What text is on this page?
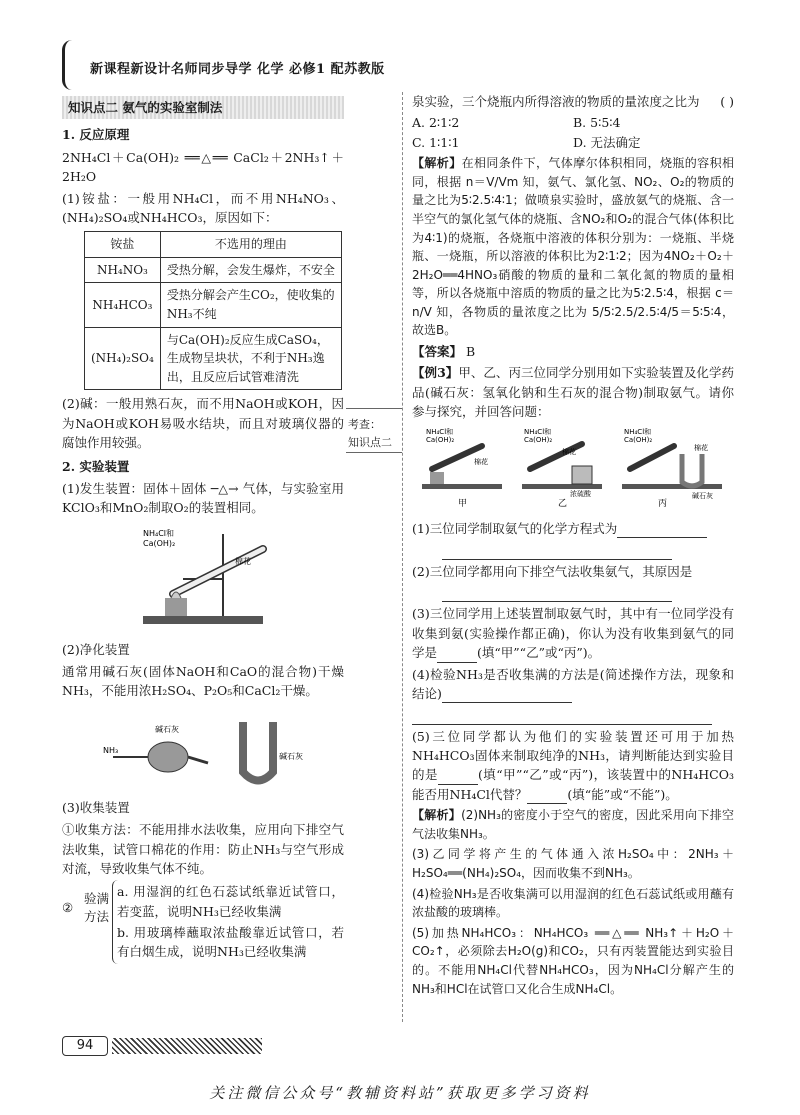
新课程新设计名师同步导学 化学 必修1 配苏教版
知识点二 氨气的实验室制法
1. 反应原理

2NH₄Cl＋Ca(OH)₂ ══△══ CaCl₂＋2NH₃↑＋2H₂O

(1)铵盐：一般用NH₄Cl，而不用NH₄NO₃、(NH₄)₂SO₄或NH₄HCO₃，原因如下：

铵盐	不选用的理由
NH₄NO₃	受热分解，会发生爆炸，不安全
NH₄HCO₃	受热分解会产生CO₂，使收集的NH₃不纯
(NH₄)₂SO₄	与Ca(OH)₂反应生成CaSO₄，生成物呈块状，不利于NH₃逸出，且反应后试管难清洗

(2)碱：一般用熟石灰，而不用NaOH或KOH，因为NaOH或KOH易吸水结块，而且对玻璃仪器的腐蚀作用较强。

2. 实验装置

(1)发生装置：固体＋固体 ─△→ 气体，与实验室用KClO₃和MnO₂制取O₂的装置相同。

NH₄Cl和
Ca(OH)₂
棉花
(2)净化装置

通常用碱石灰(固体NaOH和CaO的混合物)干燥NH₃，不能用浓H₂SO₄、P₂O₅和CaCl₂干燥。

碱石灰
NH₃
碱石灰
(3)收集装置

①收集方法：不能用排水法收集，应用向下排空气法收集，试管口棉花的作用：防止NH₃与空气形成对流，导致收集气体不纯。

②
验满方法

a. 用湿润的红色石蕊试纸靠近试管口，若变蓝，说明NH₃已经收集满

b. 用玻璃棒蘸取浓盐酸靠近试管口，若有白烟生成，说明NH₃已经收集满

考查：
知识点二

泉实验，三个烧瓶内所得溶液的物质的量浓度之比为 ( )

A. 2∶1∶2	B. 5∶5∶4
C. 1∶1∶1	D. 无法确定

【解析】在相同条件下，气体摩尔体积相同，烧瓶的容积相同，根据 n＝V/Vm 知，氨气、氯化氢、NO₂、O₂的物质的量之比为5∶2.5∶4∶1；做喷泉实验时，盛放氨气的烧瓶、含一半空气的氯化氢气体的烧瓶、含NO₂和O₂的混合气体(体积比为4∶1)的烧瓶，各烧瓶中溶液的体积分别为：一烧瓶、半烧瓶、一烧瓶，所以溶液的体积比为2∶1∶2；因为4NO₂＋O₂＋2H₂O══4HNO₃硝酸的物质的量和二氧化氮的物质的量相等，所以各烧瓶中溶质的物质的量之比为5∶2.5∶4，根据 c＝n/V 知，各物质的量浓度之比为 5/5∶2.5/2.5∶4/5＝5∶5∶4，故选B。

【答案】 B

【例3】甲、乙、丙三位同学分别用如下实验装置及化学药品(碱石灰：氢氧化钠和生石灰的混合物)制取氨气。请你参与探究，并回答问题：

NH₄Cl和
Ca(OH)₂
棉花
甲
NH₄Cl和
Ca(OH)₂
棉花
浓硫酸
乙
NH₄Cl和
Ca(OH)₂
棉花
碱石灰
丙

(1)三位同学制取氨气的化学方程式为

(2)三位同学都用向下排空气法收集氨气，其原因是

(3)三位同学用上述装置制取氨气时，其中有一位同学没有收集到氨(实验操作都正确)，你认为没有收集到氨气的同学是	(填“甲”“乙”或“丙”)。

(4)检验NH₃是否收集满的方法是(简述操作方法，现象和结论)

(5)三位同学都认为他们的实验装置还可用于加热NH₄HCO₃固体来制取纯净的NH₃，请判断能达到实验目的是	(填“甲”“乙”或“丙”)，该装置中的NH₄HCO₃能否用NH₄Cl代替？	(填“能”或“不能”)。

【解析】(2)NH₃的密度小于空气的密度，因此采用向下排空气法收集NH₃。

(3)乙同学将产生的气体通入浓H₂SO₄中：2NH₃＋H₂SO₄══(NH₄)₂SO₄，因而收集不到NH₃。

(4)检验NH₃是否收集满可以用湿润的红色石蕊试纸或用蘸有浓盐酸的玻璃棒。

(5)加热NH₄HCO₃：NH₄HCO₃ ══△══ NH₃↑＋H₂O＋CO₂↑，必须除去H₂O(g)和CO₂，只有丙装置能达到实验目的。不能用NH₄Cl代替NH₄HCO₃，因为NH₄Cl分解产生的NH₃和HCl在试管口又化合生成NH₄Cl。

94
关注微信公众号“教辅资料站”获取更多学习资料
